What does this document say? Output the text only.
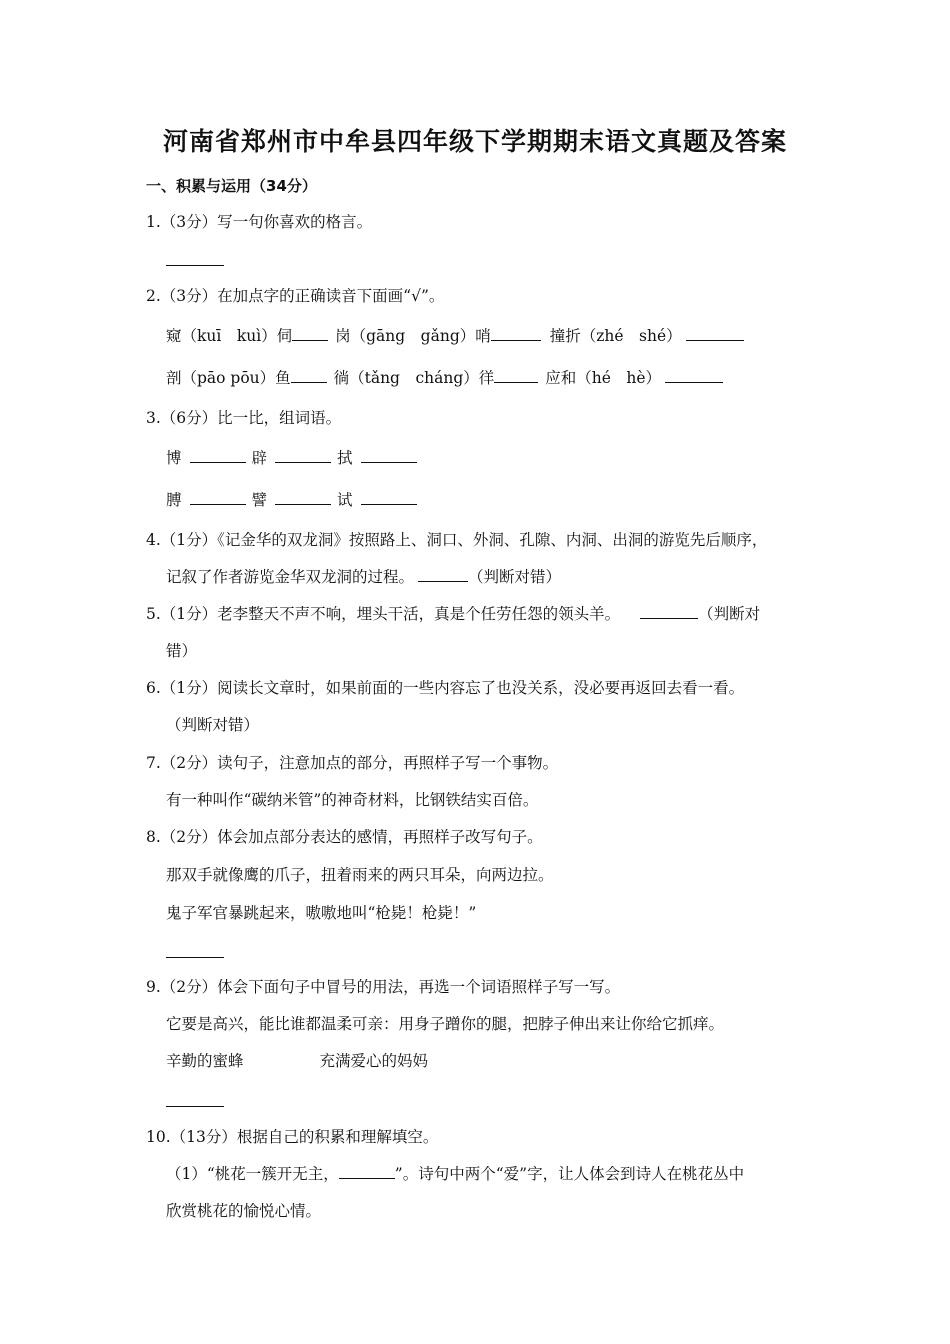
河南省郑州市中牟县四年级下学期期末语文真题及答案
一、积累与运用（34分）
1.（3分）写一句你喜欢的格言。
2.（3分）在加点字的正确读音下面画“√”。
窥（kuī　kuì）伺	岗（gāng　gǎng）哨	撞折（zhé　shé）
剖（pāo pōu）鱼	徜（tǎng　cháng）徉	应和（hé　hè）
3.（6分）比一比，组词语。
博	辟	拭
膊	譬	试
4.（1分）《记金华的双龙洞》按照路上、洞口、外洞、孔隙、内洞、出洞的游览先后顺序，
记叙了作者游览金华双龙洞的过程。	（判断对错）
5.（1分）老李整天不声不响，埋头干活，真是个任劳任怨的领头羊。	（判断对
错）
6.（1分）阅读长文章时，如果前面的一些内容忘了也没关系，没必要再返回去看一看。
（判断对错）
7.（2分）读句子，注意加点的部分，再照样子写一个事物。
有一种叫作“碳纳米管”的神奇材料，比钢铁结实百倍。
8.（2分）体会加点部分表达的感情，再照样子改写句子。
那双手就像鹰的爪子，扭着雨来的两只耳朵，向两边拉。
鬼子军官暴跳起来，嗷嗷地叫“枪毙！枪毙！”
9.（2分）体会下面句子中冒号的用法，再选一个词语照样子写一写。
它要是高兴，能比谁都温柔可亲：用身子蹭你的腿，把脖子伸出来让你给它抓痒。
辛勤的蜜蜂	充满爱心的妈妈
10.（13分）根据自己的积累和理解填空。
（1）“桃花一簇开无主，	”。诗句中两个“爱”字，让人体会到诗人在桃花丛中
欣赏桃花的愉悦心情。
